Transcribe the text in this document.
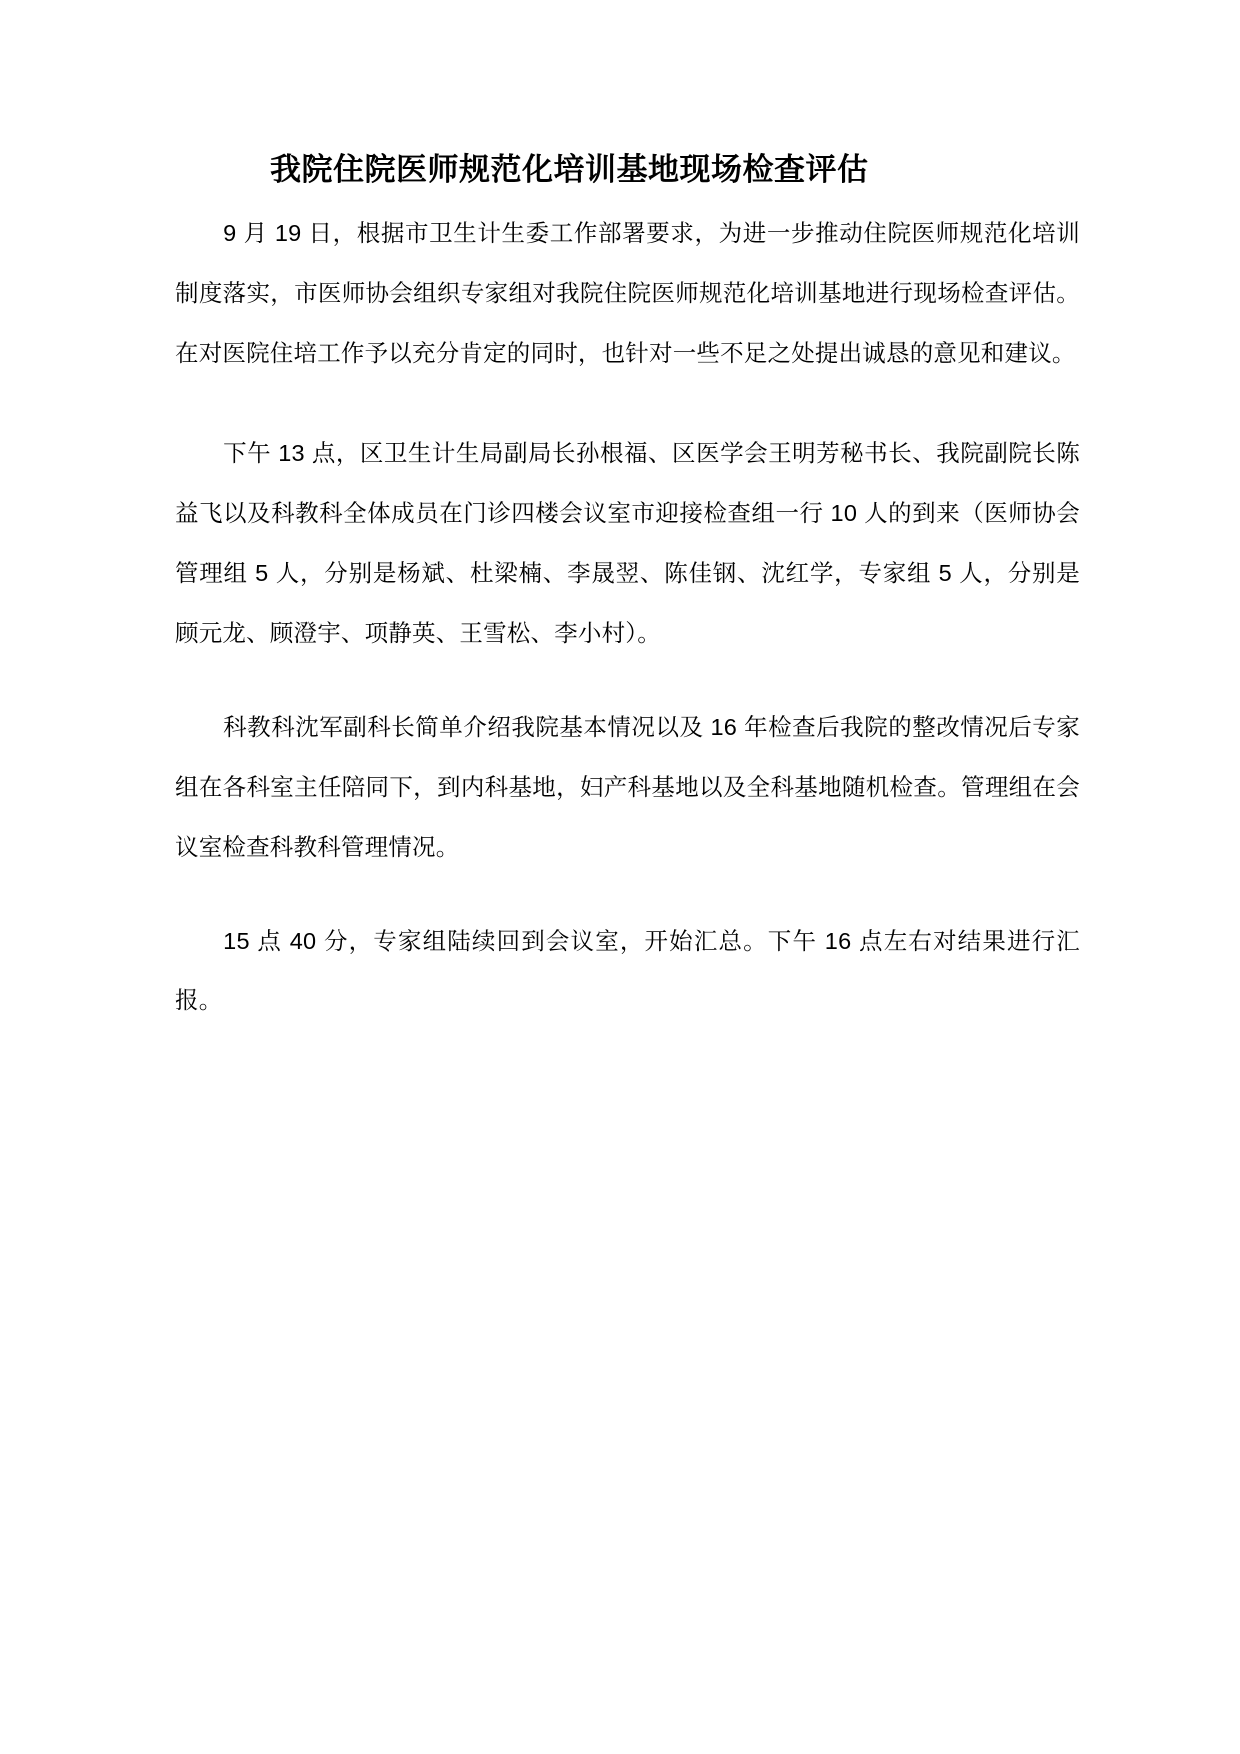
我院住院医师规范化培训基地现场检查评估

9 月 19 日，根据市卫生计生委工作部署要求，为进一步推动住院医师规范化培训制度落实，市医师协会组织专家组对我院住院医师规范化培训基地进行现场检查评估。在对医院住培工作予以充分肯定的同时，也针对一些不足之处提出诚恳的意见和建议。

下午 13 点，区卫生计生局副局长孙根福、区医学会王明芳秘书长、我院副院长陈益飞以及科教科全体成员在门诊四楼会议室市迎接检查组一行 10 人的到来（医师协会管理组 5 人，分别是杨斌、杜梁楠、李晟翌、陈佳钢、沈红学，专家组 5 人，分别是顾元龙、顾澄宇、项静英、王雪松、李小村）。

科教科沈军副科长简单介绍我院基本情况以及 16 年检查后我院的整改情况后专家组在各科室主任陪同下，到内科基地，妇产科基地以及全科基地随机检查。管理组在会议室检查科教科管理情况。

15 点 40 分，专家组陆续回到会议室，开始汇总。下午 16 点左右对结果进行汇报。
